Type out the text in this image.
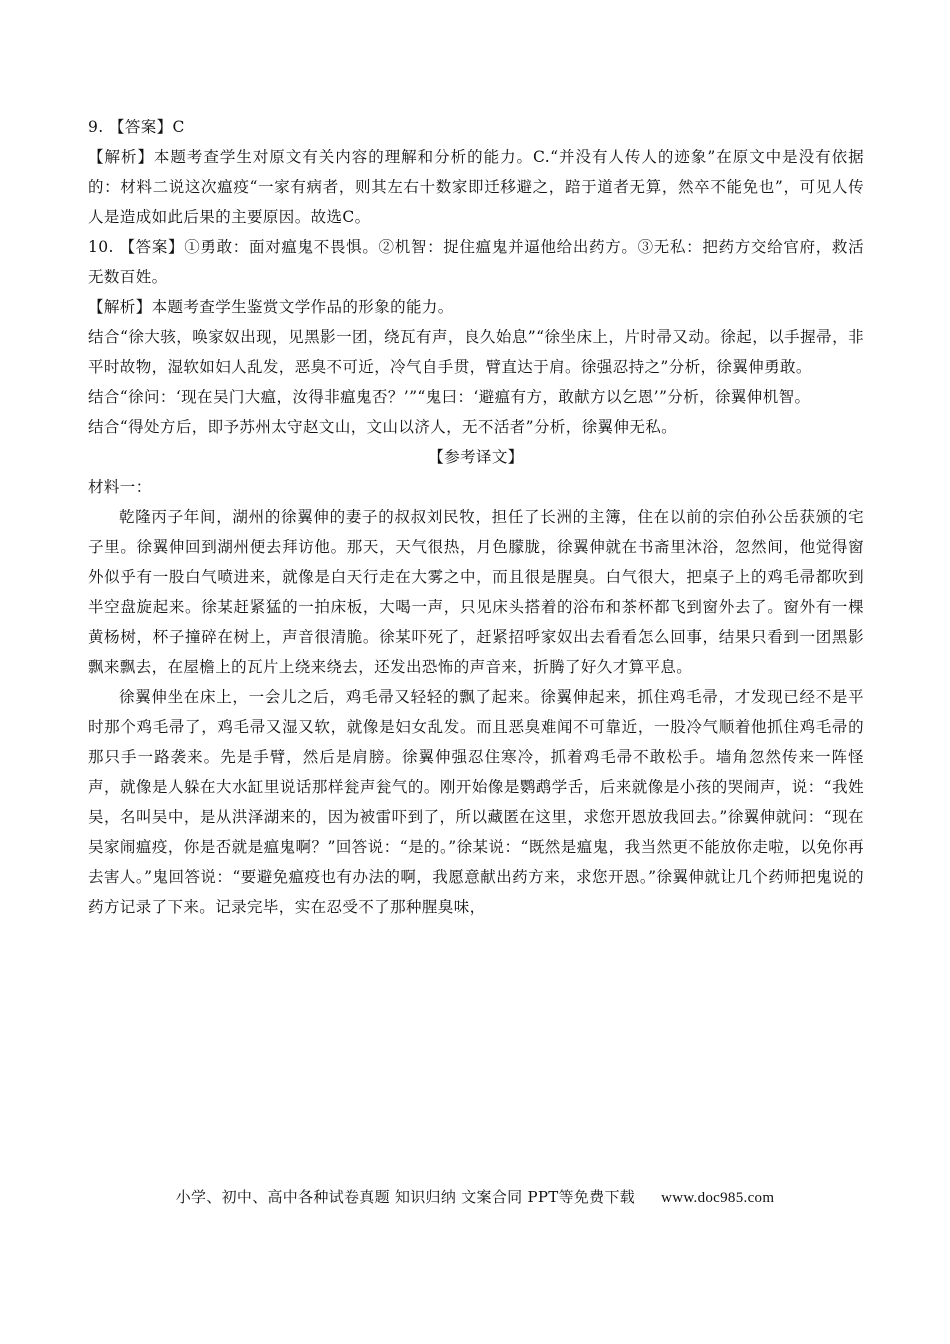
9. 【答案】C

【解析】本题考查学生对原文有关内容的理解和分析的能力。C.“并没有人传人的迹象”在原文中是没有依据的：材料二说这次瘟疫“一家有病者，则其左右十数家即迁移避之，踣于道者无算，然卒不能免也”，可见人传人是造成如此后果的主要原因。故选C。

10. 【答案】①勇敢：面对瘟鬼不畏惧。②机智：捉住瘟鬼并逼他给出药方。③无私：把药方交给官府，救活无数百姓。

【解析】本题考查学生鉴赏文学作品的形象的能力。

结合“徐大骇，唤家奴出现，见黑影一团，绕瓦有声，良久始息”“徐坐床上，片时帚又动。徐起，以手握帚，非平时故物，湿软如妇人乱发，恶臭不可近，冷气自手贯，臂直达于肩。徐强忍持之”分析，徐翼伸勇敢。

结合“徐问：‘现在吴门大瘟，汝得非瘟鬼否？’”“鬼曰：‘避瘟有方，敢献方以乞恩’”分析，徐翼伸机智。

结合“得处方后，即予苏州太守赵文山，文山以济人，无不活者”分析，徐翼伸无私。

【参考译文】

材料一：

乾隆丙子年间，湖州的徐翼伸的妻子的叔叔刘民牧，担任了长洲的主簿，住在以前的宗伯孙公岳获颁的宅子里。徐翼伸回到湖州便去拜访他。那天，天气很热，月色朦胧，徐翼伸就在书斋里沐浴，忽然间，他觉得窗外似乎有一股白气喷进来，就像是白天行走在大雾之中，而且很是腥臭。白气很大，把桌子上的鸡毛帚都吹到半空盘旋起来。徐某赶紧猛的一拍床板，大喝一声，只见床头搭着的浴布和茶杯都飞到窗外去了。窗外有一棵黄杨树，杯子撞碎在树上，声音很清脆。徐某吓死了，赶紧招呼家奴出去看看怎么回事，结果只看到一团黑影飘来飘去，在屋檐上的瓦片上绕来绕去，还发出恐怖的声音来，折腾了好久才算平息。

徐翼伸坐在床上，一会儿之后，鸡毛帚又轻轻的飘了起来。徐翼伸起来，抓住鸡毛帚，才发现已经不是平时那个鸡毛帚了，鸡毛帚又湿又软，就像是妇女乱发。而且恶臭难闻不可靠近，一股冷气顺着他抓住鸡毛帚的那只手一路袭来。先是手臂，然后是肩膀。徐翼伸强忍住寒冷，抓着鸡毛帚不敢松手。墙角忽然传来一阵怪声，就像是人躲在大水缸里说话那样瓮声瓮气的。刚开始像是鹦鹉学舌，后来就像是小孩的哭闹声，说：“我姓吴，名叫吴中，是从洪泽湖来的，因为被雷吓到了，所以藏匿在这里，求您开恩放我回去。”徐翼伸就问：“现在吴家闹瘟疫，你是否就是瘟鬼啊？”回答说：“是的。”徐某说：“既然是瘟鬼，我当然更不能放你走啦，以免你再去害人。”鬼回答说：“要避免瘟疫也有办法的啊，我愿意献出药方来，求您开恩。”徐翼伸就让几个药师把鬼说的药方记录了下来。记录完毕，实在忍受不了那种腥臭味，

小学、初中、高中各种试卷真题 知识归纳 文案合同 PPT等免费下载 www.doc985.com
